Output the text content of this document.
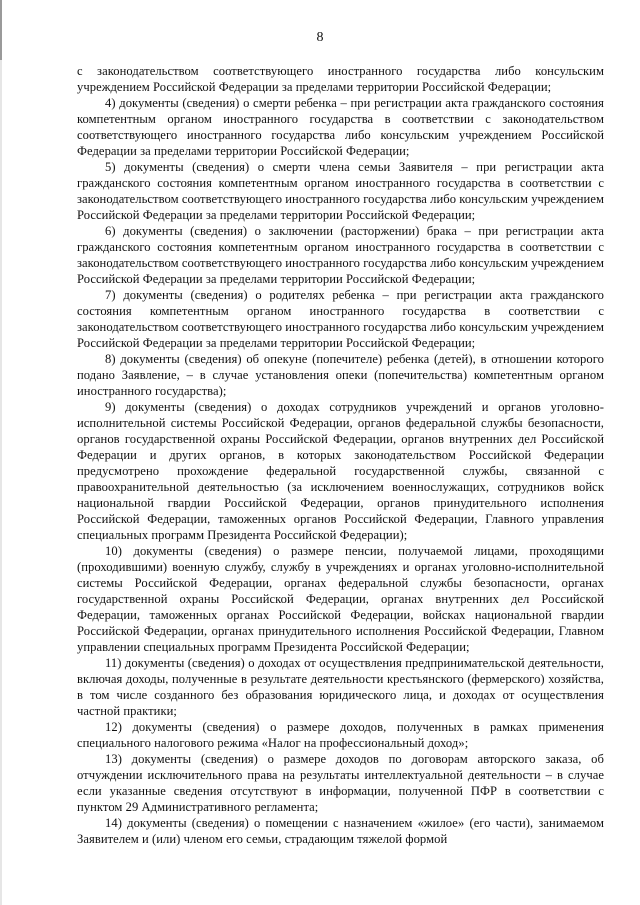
8

с законодательством соответствующего иностранного государства либо консульским учреждением Российской Федерации за пределами территории Российской Федерации;

4) документы (сведения) о смерти ребенка – при регистрации акта гражданского состояния компетентным органом иностранного государства в соответствии с законодательством соответствующего иностранного государства либо консульским учреждением Российской Федерации за пределами территории Российской Федерации;

5) документы (сведения) о смерти члена семьи Заявителя – при регистрации акта гражданского состояния компетентным органом иностранного государства в соответствии с законодательством соответствующего иностранного государства либо консульским учреждением Российской Федерации за пределами территории Российской Федерации;

6) документы (сведения) о заключении (расторжении) брака – при регистрации акта гражданского состояния компетентным органом иностранного государства в соответствии с законодательством соответствующего иностранного государства либо консульским учреждением Российской Федерации за пределами территории Российской Федерации;

7) документы (сведения) о родителях ребенка – при регистрации акта гражданского состояния компетентным органом иностранного государства в соответствии с законодательством соответствующего иностранного государства либо консульским учреждением Российской Федерации за пределами территории Российской Федерации;

8) документы (сведения) об опекуне (попечителе) ребенка (детей), в отношении которого подано Заявление, – в случае установления опеки (попечительства) компетентным органом иностранного государства);

9) документы (сведения) о доходах сотрудников учреждений и органов уголовно-исполнительной системы Российской Федерации, органов федеральной службы безопасности, органов государственной охраны Российской Федерации, органов внутренних дел Российской Федерации и других органов, в которых законодательством Российской Федерации предусмотрено прохождение федеральной государственной службы, связанной с правоохранительной деятельностью (за исключением военнослужащих, сотрудников войск национальной гвардии Российской Федерации, органов принудительного исполнения Российской Федерации, таможенных органов Российской Федерации, Главного управления специальных программ Президента Российской Федерации);

10) документы (сведения) о размере пенсии, получаемой лицами, проходящими (проходившими) военную службу, службу в учреждениях и органах уголовно-исполнительной системы Российской Федерации, органах федеральной службы безопасности, органах государственной охраны Российской Федерации, органах внутренних дел Российской Федерации, таможенных органах Российской Федерации, войсках национальной гвардии Российской Федерации, органах принудительного исполнения Российской Федерации, Главном управлении специальных программ Президента Российской Федерации;

11) документы (сведения) о доходах от осуществления предпринимательской деятельности, включая доходы, полученные в результате деятельности крестьянского (фермерского) хозяйства, в том числе созданного без образования юридического лица, и доходах от осуществления частной практики;

12) документы (сведения) о размере доходов, полученных в рамках применения специального налогового режима «Налог на профессиональный доход»;

13) документы (сведения) о размере доходов по договорам авторского заказа, об отчуждении исключительного права на результаты интеллектуальной деятельности – в случае если указанные сведения отсутствуют в информации, полученной ПФР в соответствии с пунктом 29 Административного регламента;

14) документы (сведения) о помещении с назначением «жилое» (его части), занимаемом Заявителем и (или) членом его семьи, страдающим тяжелой формой
